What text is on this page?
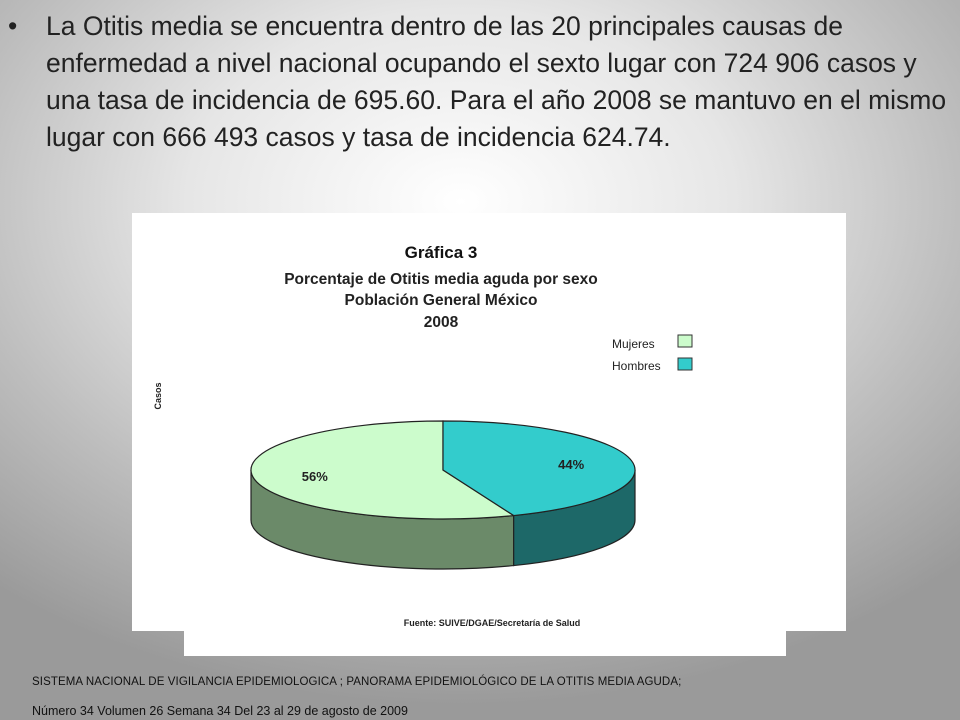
•	La Otitis media se encuentra dentro de las 20 principales causas de enfermedad a nivel nacional ocupando el sexto lugar con 724 906 casos y una tasa de incidencia de 695.60. Para el año 2008 se mantuvo en el mismo lugar con 666 493 casos y tasa de incidencia 624.74.
Gráfica 3
Porcentaje de Otitis media aguda por sexo
Población General México
2008
Casos
Mujeres
Hombres
56%
44%
Fuente: SUIVE/DGAE/Secretaría de Salud
SISTEMA NACIONAL DE VIGILANCIA EPIDEMIOLOGICA ; PANORAMA EPIDEMIOLÓGICO DE LA OTITIS MEDIA AGUDA;
Número 34 Volumen 26 Semana 34 Del 23 al 29 de agosto de 2009
